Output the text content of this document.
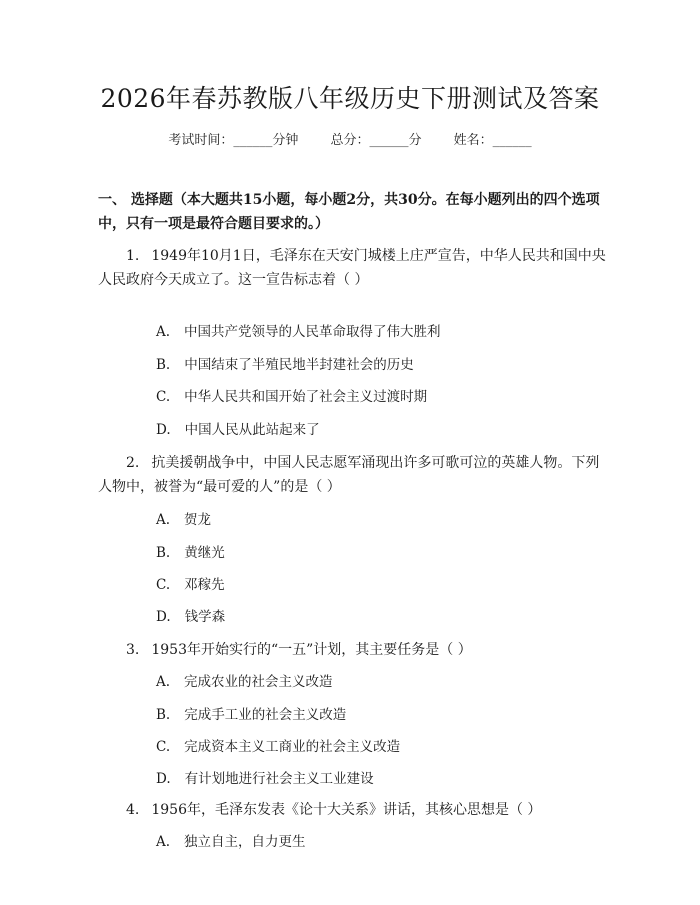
2026年春苏教版八年级历史下册测试及答案
考试时间：______分钟 总分：______分 姓名：______
一、 选择题（本大题共15小题，每小题2分，共30分。在每小题列出的四个选项中，只有一项是最符合题目要求的。）
1. 1949年10月1日，毛泽东在天安门城楼上庄严宣告，中华人民共和国中央人民政府今天成立了。这一宣告标志着（ ）
A. 中国共产党领导的人民革命取得了伟大胜利
B. 中国结束了半殖民地半封建社会的历史
C. 中华人民共和国开始了社会主义过渡时期
D. 中国人民从此站起来了
2. 抗美援朝战争中，中国人民志愿军涌现出许多可歌可泣的英雄人物。下列人物中，被誉为“最可爱的人”的是（ ）
A. 贺龙
B. 黄继光
C. 邓稼先
D. 钱学森
3. 1953年开始实行的“一五”计划，其主要任务是（ ）
A. 完成农业的社会主义改造
B. 完成手工业的社会主义改造
C. 完成资本主义工商业的社会主义改造
D. 有计划地进行社会主义工业建设
4. 1956年，毛泽东发表《论十大关系》讲话，其核心思想是（ ）
A. 独立自主，自力更生
